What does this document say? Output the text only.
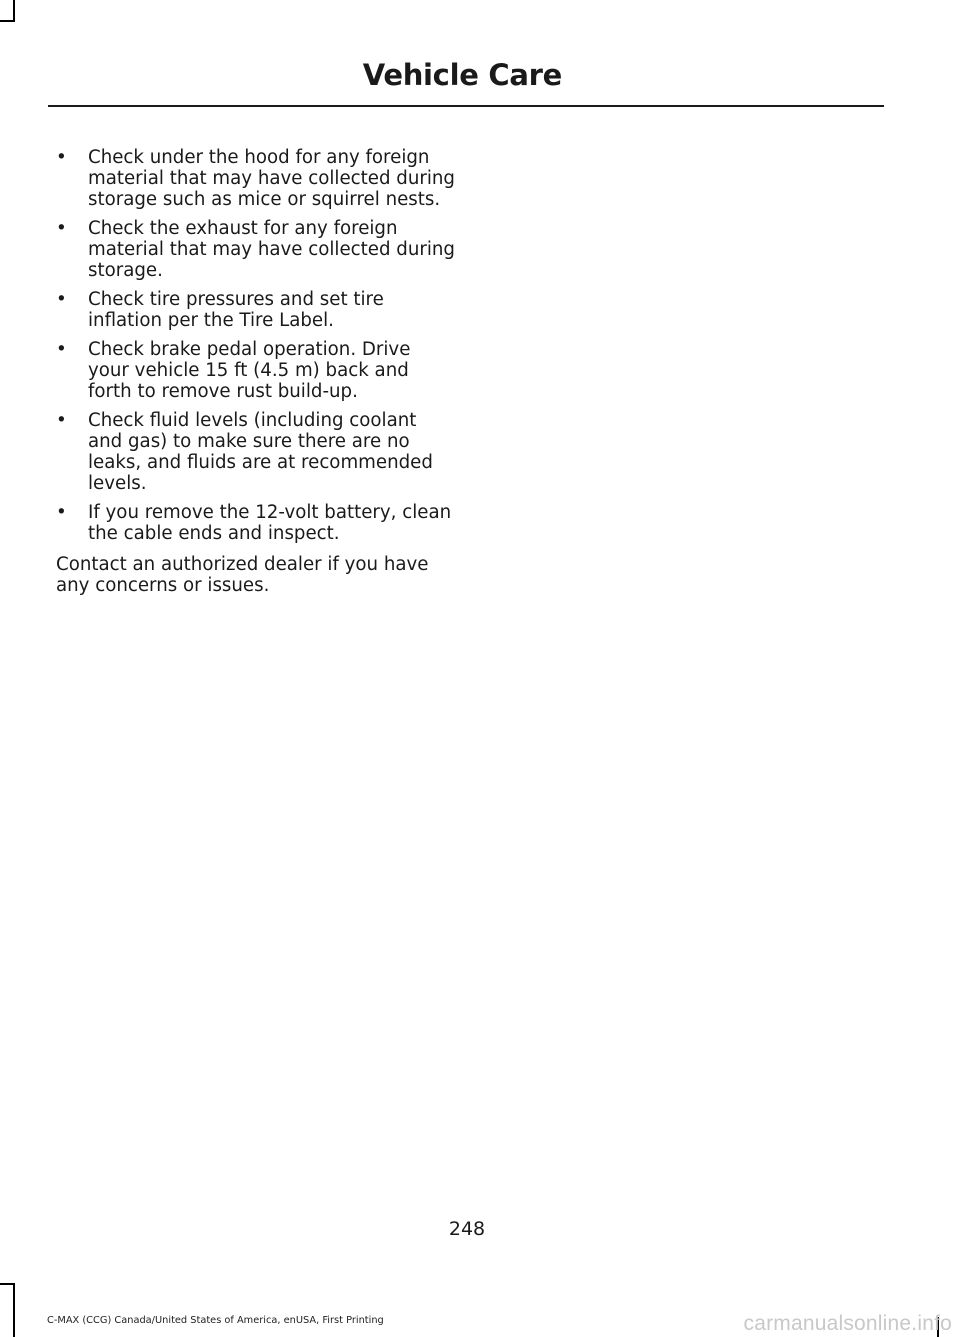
Vehicle Care
• Check under the hood for any foreign material that may have collected during storage such as mice or squirrel nests.
• Check the exhaust for any foreign material that may have collected during storage.
• Check tire pressures and set tire inflation per the Tire Label.
• Check brake pedal operation. Drive your vehicle 15 ft (4.5 m) back and forth to remove rust build-up.
• Check fluid levels (including coolant and gas) to make sure there are no leaks, and fluids are at recommended levels.
• If you remove the 12-volt battery, clean the cable ends and inspect.

Contact an authorized dealer if you have any concerns or issues.

248
C-MAX (CCG) Canada/United States of America, enUSA, First Printing	carmanualsonline.info
